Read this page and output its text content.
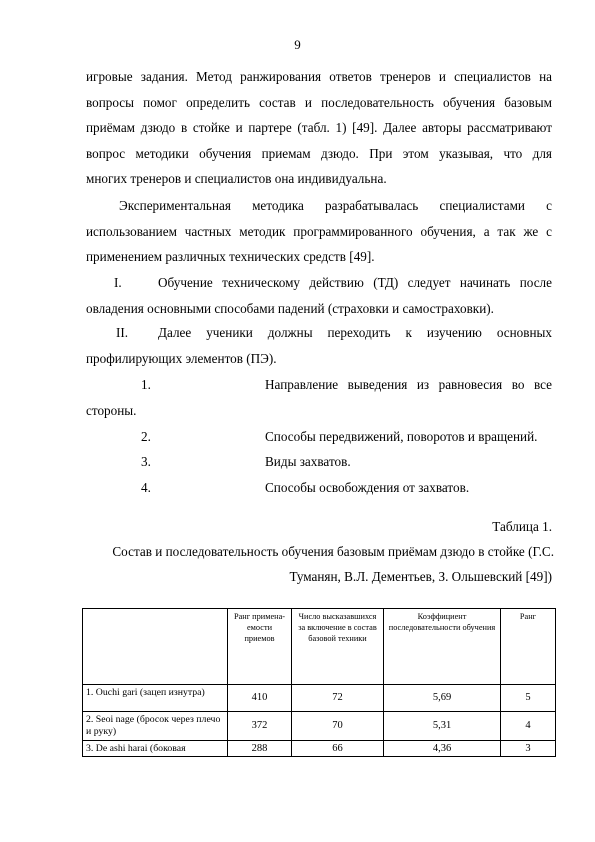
9

игровые задания. Метод ранжирования ответов тренеров и специалистов на

вопросы помог определить состав и последовательность обучения базовым

приёмам дзюдо в стойке и партере (табл. 1) [49]. Далее авторы рассматривают

вопрос методики обучения приемам дзюдо. При этом указывая, что для

многих тренеров и специалистов она индивидуальна.

Экспериментальная методика разрабатывалась специалистами с

использованием частных методик программированного обучения, а так же с

применением различных технических средств [49].

I.	Обучение техническому действию (ТД) следует начинать после

овладения основными способами падений (страховки и самостраховки).

II. Далее ученики должны переходить к изучению основных

профилирующих элементов (ПЭ).

1.	Направление выведения из равновесия во все

стороны.
2.	Способы передвижений, поворотов и вращений.
3.	Виды захватов.
4.	Способы освобождения от захватов.
Таблица 1.
Состав и последовательность обучения базовым приёмам дзюдо в стойке (Г.С.
Туманян, В.Л. Дементьев, З. Ольшевский [49])
	Ранг примена-емости приемов	Число высказавшихся за включение в состав базовой техники	Коэффициент последовательности обучения	Ранг
1. Ouchi gari (зацеп изнутра)	410	72	5,69	5
2. Seoi nage (бросок через плечо и руку)	372	70	5,31	4
3. De ashi harai (боковая	288	66	4,36	3
